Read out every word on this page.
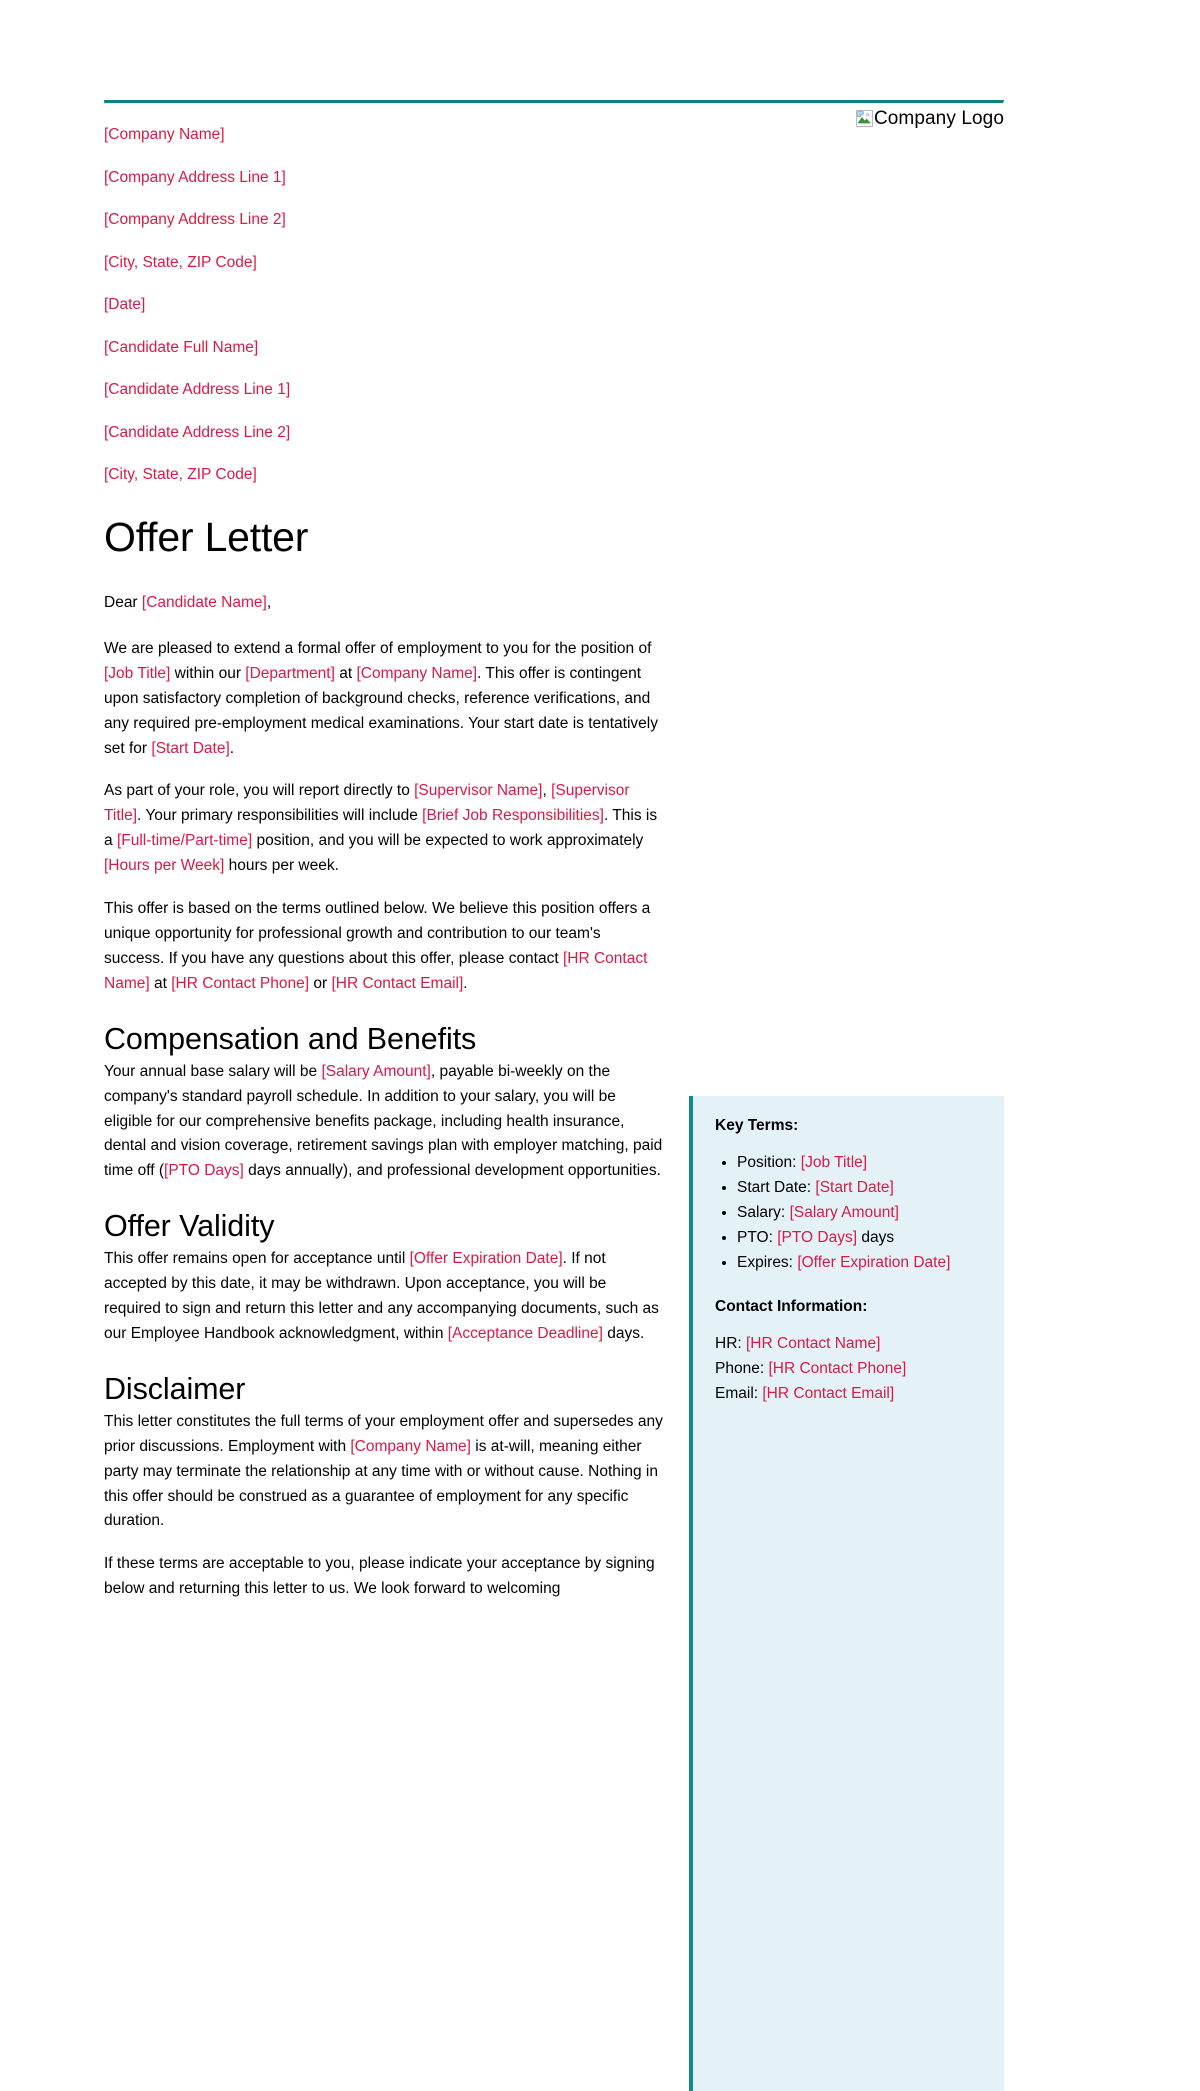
Company Logo

[Company Name]

[Company Address Line 1]

[Company Address Line 2]

[City, State, ZIP Code]

[Date]

[Candidate Full Name]

[Candidate Address Line 1]

[Candidate Address Line 2]

[City, State, ZIP Code]

Offer Letter

Dear [Candidate Name],

We are pleased to extend a formal offer of employment to you for the position of [Job Title] within our [Department] at [Company Name]. This offer is contingent upon satisfactory completion of background checks, reference verifications, and any required pre-employment medical examinations. Your start date is tentatively set for [Start Date].

As part of your role, you will report directly to [Supervisor Name], [Supervisor Title]. Your primary responsibilities will include [Brief Job Responsibilities]. This is a [Full-time/Part-time] position, and you will be expected to work approximately [Hours per Week] hours per week.

This offer is based on the terms outlined below. We believe this position offers a unique opportunity for professional growth and contribution to our team's success. If you have any questions about this offer, please contact [HR Contact Name] at [HR Contact Phone] or [HR Contact Email].

Compensation and Benefits

Your annual base salary will be [Salary Amount], payable bi-weekly on the company's standard payroll schedule. In addition to your salary, you will be eligible for our comprehensive benefits package, including health insurance, dental and vision coverage, retirement savings plan with employer matching, paid time off ([PTO Days] days annually), and professional development opportunities.

Offer Validity

This offer remains open for acceptance until [Offer Expiration Date]. If not accepted by this date, it may be withdrawn. Upon acceptance, you will be required to sign and return this letter and any accompanying documents, such as our Employee Handbook acknowledgment, within [Acceptance Deadline] days.

Disclaimer

This letter constitutes the full terms of your employment offer and supersedes any prior discussions. Employment with [Company Name] is at-will, meaning either party may terminate the relationship at any time with or without cause. Nothing in this offer should be construed as a guarantee of employment for any specific duration.

If these terms are acceptable to you, please indicate your acceptance by signing below and returning this letter to us. We look forward to welcoming

Key Terms:

• Position: [Job Title]
• Start Date: [Start Date]
• Salary: [Salary Amount]
• PTO: [PTO Days] days
• Expires: [Offer Expiration Date]

Contact Information:

HR: [HR Contact Name]

Phone: [HR Contact Phone]

Email: [HR Contact Email]
